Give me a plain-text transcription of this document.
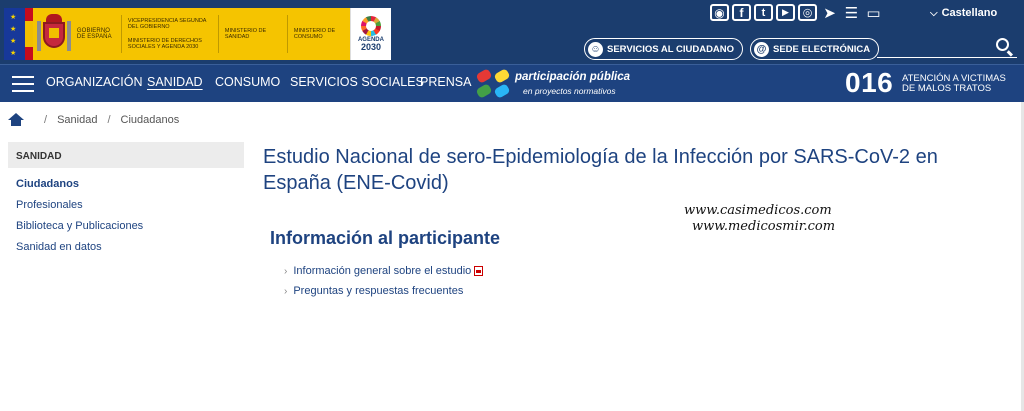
★
★
★
★
GOBIERNO DE ESPAÑA
VICEPRESIDENCIA SEGUNDA DEL GOBIERNO
MINISTERIO DE DERECHOS SOCIALES Y AGENDA 2030
MINISTERIO DE SANIDAD
MINISTERIO DE CONSUMO	AGENDA
2030
◉	f	t	▶	◎ ➤ ☰ ▭	⌵ Castellano
☺ SERVICIOS AL CIUDADANO @ SEDE ELECTRÓNICA
ORGANIZACIÓN SANIDAD CONSUMO SERVICIOS SOCIALES
PRENSA	participación pública
en proyectos normativos	016 ATENCIÓN A VICTIMAS
DE MALOS TRATOS
/ Sanidad / Ciudadanos
SANIDAD
Ciudadanos
Profesionales
Biblioteca y Publicaciones
Sanidad en datos
Estudio Nacional de sero-Epidemiología de la Infección por SARS-CoV-2 en España (ENE-Covid)
www.casimedicos.com
www.medicosmir.com
Información al participante
› Información general sobre el estudio
› Preguntas y respuestas frecuentes
